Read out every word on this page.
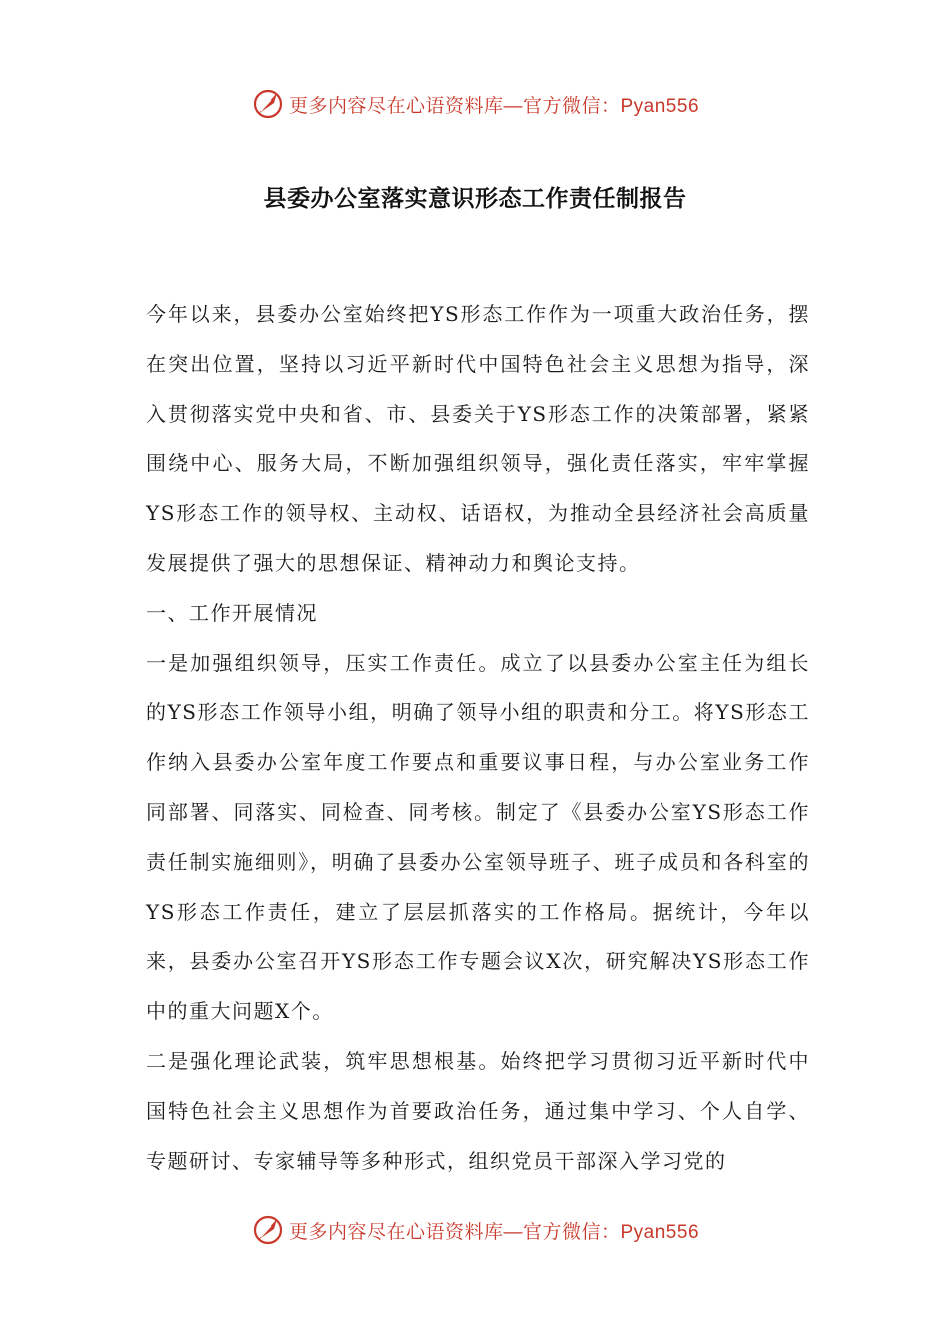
更多内容尽在心语资料库 —官方微信：Pyan556
县委办公室落实意识形态工作责任制报告

今年以来，县委办公室始终把YS形态工作作为一项重大政治任务，摆在突出位置，坚持以习近平新时代中国特色社会主义思想为指导，深入贯彻落实党中央和省、市、县委关于YS形态工作的决策部署，紧紧围绕中心、服务大局，不断加强组织领导，强化责任落实，牢牢掌握YS形态工作的领导权、主动权、话语权，为推动全县经济社会高质量发展提供了强大的思想保证、精神动力和舆论支持。

一、工作开展情况

一是加强组织领导，压实工作责任。成立了以县委办公室主任为组长的YS形态工作领导小组，明确了领导小组的职责和分工。将YS形态工作纳入县委办公室年度工作要点和重要议事日程，与办公室业务工作同部署、同落实、同检查、同考核。制定了《县委办公室YS形态工作责任制实施细则》，明确了县委办公室领导班子、班子成员和各科室的YS形态工作责任，建立了层层抓落实的工作格局。据统计，今年以来，县委办公室召开YS形态工作专题会议X次，研究解决YS形态工作中的重大问题X个。

二是强化理论武装，筑牢思想根基。始终把学习贯彻习近平新时代中国特色社会主义思想作为首要政治任务，通过集中学习、个人自学、专题研讨、专家辅导等多种形式，组织党员干部深入学习党的

更多内容尽在心语资料库 —官方微信：Pyan556
